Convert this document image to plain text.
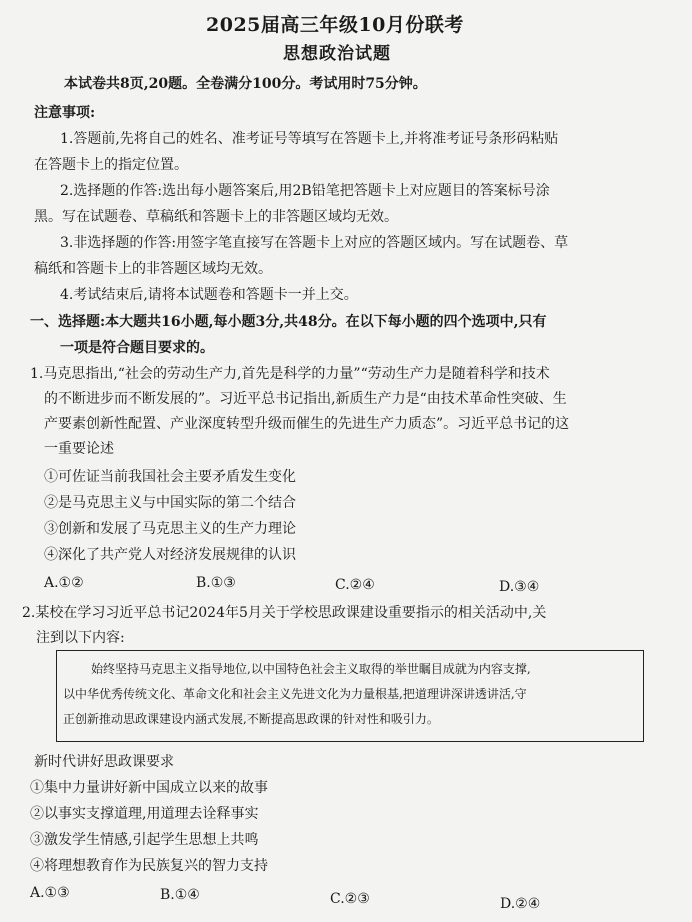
2025届高三年级10月份联考
思想政治试题
本试卷共8页,20题。全卷满分100分。考试用时75分钟。
注意事项:
1.答题前,先将自己的姓名、准考证号等填写在答题卡上,并将准考证号条形码粘贴
在答题卡上的指定位置。
2.选择题的作答:选出每小题答案后,用2B铅笔把答题卡上对应题目的答案标号涂
黑。写在试题卷、草稿纸和答题卡上的非答题区域均无效。
3.非选择题的作答:用签字笔直接写在答题卡上对应的答题区域内。写在试题卷、草
稿纸和答题卡上的非答题区域均无效。
4.考试结束后,请将本试题卷和答题卡一并上交。
一、选择题:本大题共16小题,每小题3分,共48分。在以下每小题的四个选项中,只有
一项是符合题目要求的。
1.马克思指出,“社会的劳动生产力,首先是科学的力量”“劳动生产力是随着科学和技术
的不断进步而不断发展的”。习近平总书记指出,新质生产力是“由技术革命性突破、生
产要素创新性配置、产业深度转型升级而催生的先进生产力质态”。习近平总书记的这
一重要论述
①可佐证当前我国社会主要矛盾发生变化
②是马克思主义与中国实际的第二个结合
③创新和发展了马克思主义的生产力理论
④深化了共产党人对经济发展规律的认识
A.①②	B.①③	C.②④	D.③④
2.某校在学习习近平总书记2024年5月关于学校思政课建设重要指示的相关活动中,关
注到以下内容:
始终坚持马克思主义指导地位,以中国特色社会主义取得的举世瞩目成就为内容支撑,
以中华优秀传统文化、革命文化和社会主义先进文化为力量根基,把道理讲深讲透讲活,守
正创新推动思政课建设内涵式发展,不断提高思政课的针对性和吸引力。
新时代讲好思政课要求
①集中力量讲好新中国成立以来的故事
②以事实支撑道理,用道理去诠释事实
③激发学生情感,引起学生思想上共鸣
④将理想教育作为民族复兴的智力支持
A.①③	B.①④	C.②③	D.②④
